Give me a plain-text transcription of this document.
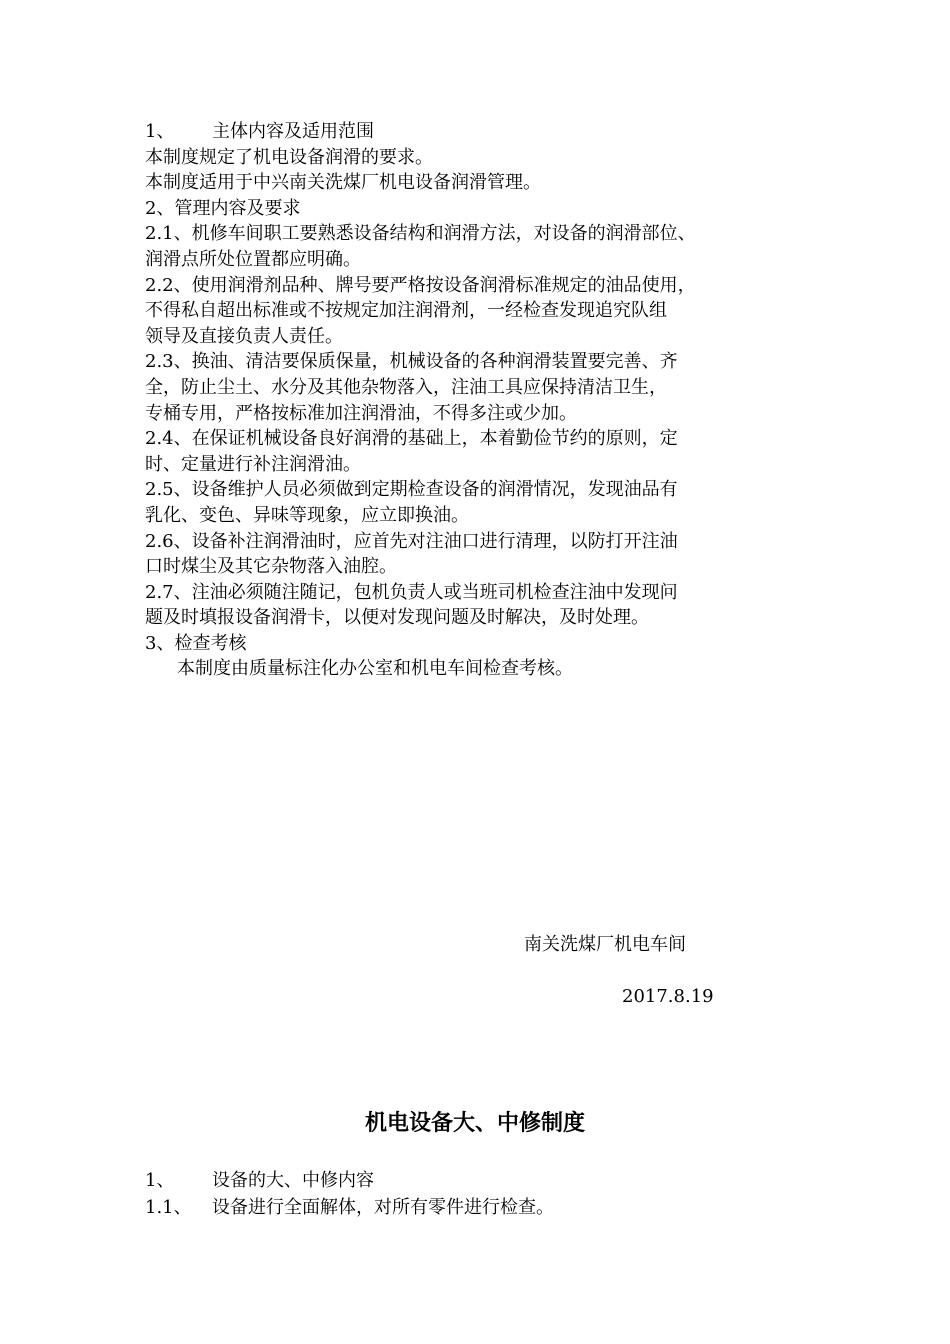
1、	主体内容及适用范围

本制度规定了机电设备润滑的要求。

本制度适用于中兴南关洗煤厂机电设备润滑管理。

2、管理内容及要求

2.1、机修车间职工要熟悉设备结构和润滑方法，对设备的润滑部位、

润滑点所处位置都应明确。

2.2、使用润滑剂品种、牌号要严格按设备润滑标准规定的油品使用，

不得私自超出标准或不按规定加注润滑剂，一经检查发现追究队组

领导及直接负责人责任。

2.3、换油、清洁要保质保量，机械设备的各种润滑装置要完善、齐

全，防止尘土、水分及其他杂物落入，注油工具应保持清洁卫生，

专桶专用，严格按标准加注润滑油，不得多注或少加。

2.4、在保证机械设备良好润滑的基础上，本着勤俭节约的原则，定

时、定量进行补注润滑油。

2.5、设备维护人员必须做到定期检查设备的润滑情况，发现油品有

乳化、变色、异味等现象，应立即换油。

2.6、设备补注润滑油时，应首先对注油口进行清理，以防打开注油

口时煤尘及其它杂物落入油腔。

2.7、注油必须随注随记，包机负责人或当班司机检查注油中发现问

题及时填报设备润滑卡，以便对发现问题及时解决，及时处理。

3、检查考核

本制度由质量标注化办公室和机电车间检查考核。

南关洗煤厂机电车间
2017.8.19
机电设备大、中修制度
1、	设备的大、中修内容
1.1、	设备进行全面解体，对所有零件进行检查。
